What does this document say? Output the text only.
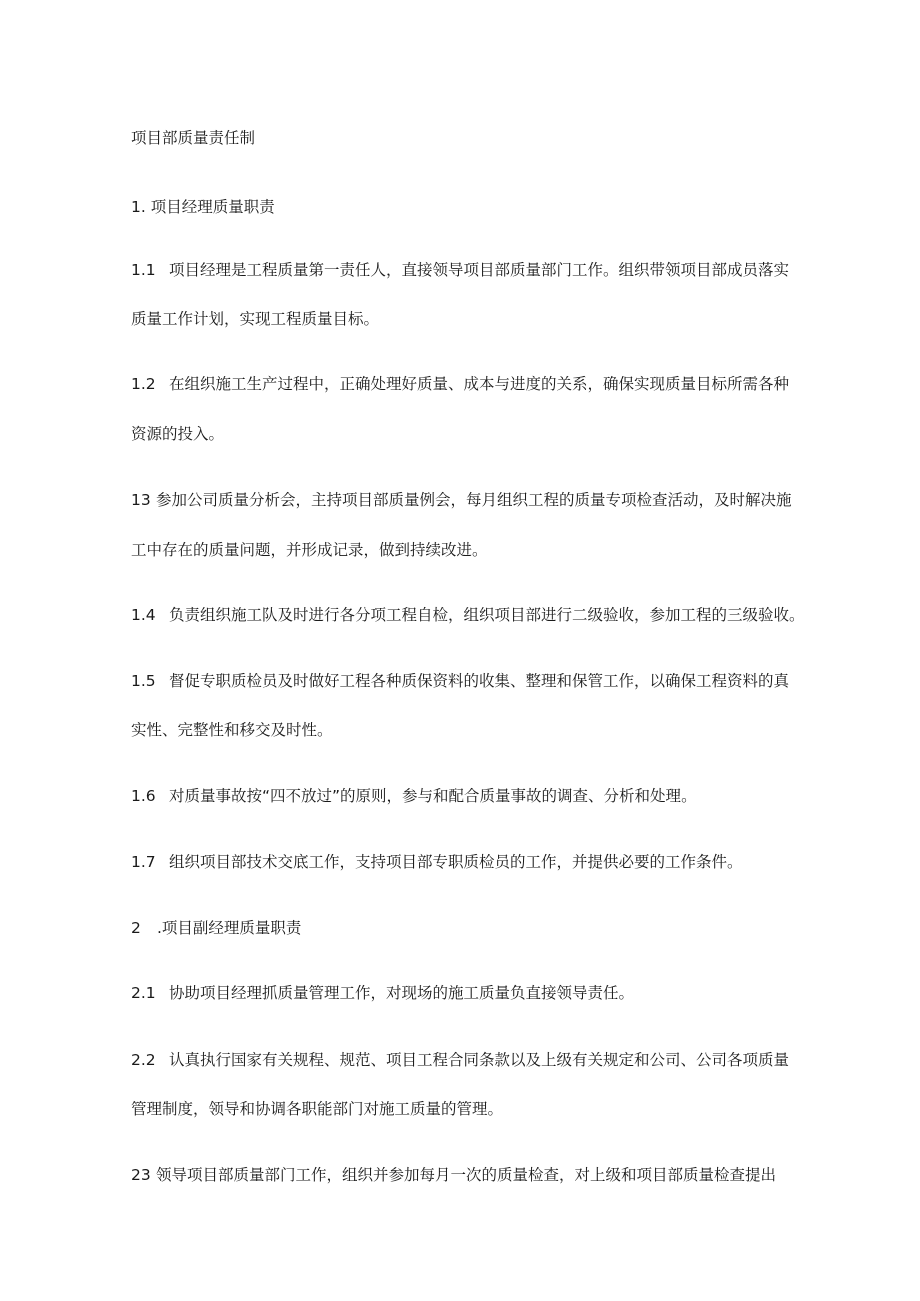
项目部质量责任制
1. 项目经理质量职责
1.1 项目经理是工程质量第一责任人，直接领导项目部质量部门工作。组织带领项目部成员落实
质量工作计划，实现工程质量目标。
1.2 在组织施工生产过程中，正确处理好质量、成本与进度的关系，确保实现质量目标所需各种
资源的投入。
13 参加公司质量分析会，主持项目部质量例会，每月组织工程的质量专项检查活动，及时解决施
工中存在的质量问题，并形成记录，做到持续改进。
1.4 负责组织施工队及时进行各分项工程自检，组织项目部进行二级验收，参加工程的三级验收。
1.5 督促专职质检员及时做好工程各种质保资料的收集、整理和保管工作，以确保工程资料的真
实性、完整性和移交及时性。
1.6 对质量事故按“四不放过”的原则，参与和配合质量事故的调查、分析和处理。
1.7 组织项目部技术交底工作，支持项目部专职质检员的工作，并提供必要的工作条件。
2 .项目副经理质量职责
2.1 协助项目经理抓质量管理工作，对现场的施工质量负直接领导责任。
2.2 认真执行国家有关规程、规范、项目工程合同条款以及上级有关规定和公司、公司各项质量
管理制度，领导和协调各职能部门对施工质量的管理。
23 领导项目部质量部门工作，组织并参加每月一次的质量检查，对上级和项目部质量检查提出
